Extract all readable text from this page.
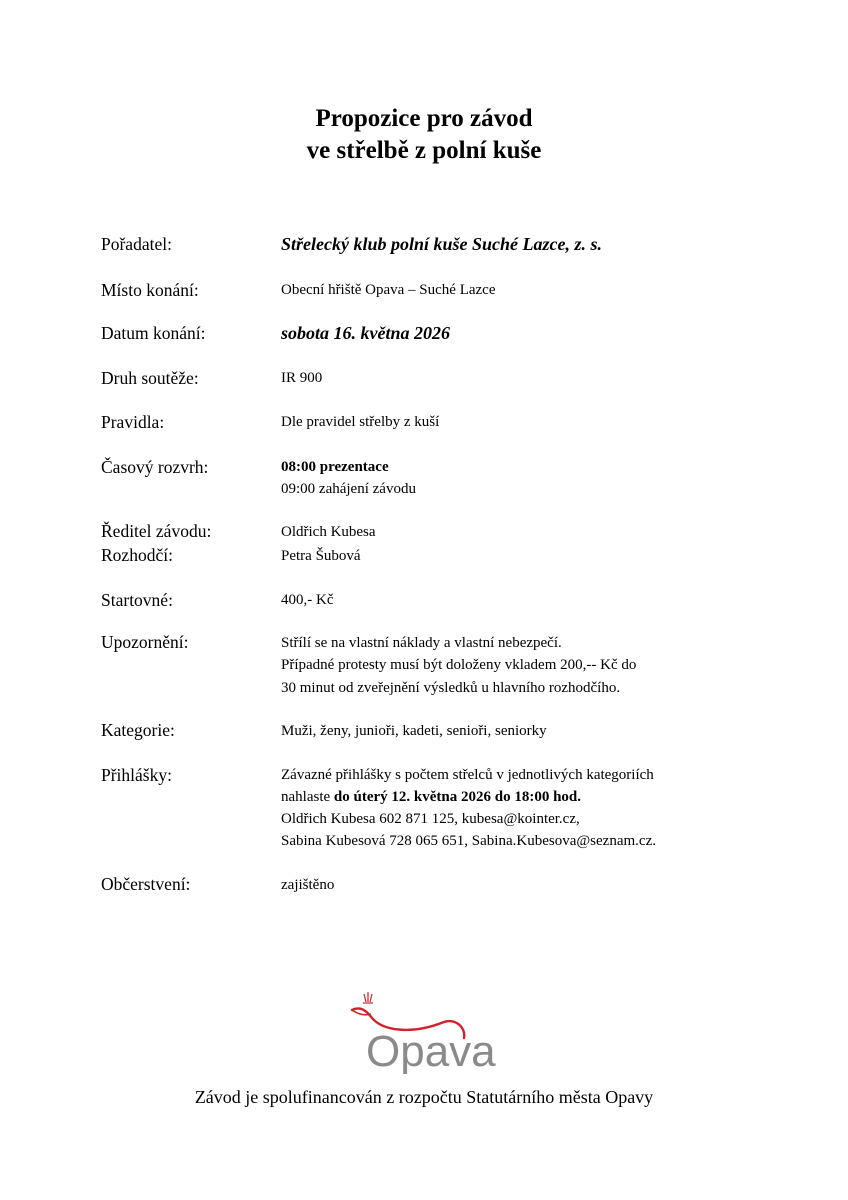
Propozice pro závod
ve střelbě z polní kuše
Pořadatel:	Střelecký klub polní kuše Suché Lazce, z. s.
Místo konání:	Obecní hřiště Opava – Suché Lazce
Datum konání:	sobota 16. května 2026
Druh soutěže:	IR 900
Pravidla:	Dle pravidel střelby z kuší
Časový rozvrh:	08:00 prezentace
09:00 zahájení závodu
Ředitel závodu:	Oldřich Kubesa
Rozhodčí:	Petra Šubová
Startovné:	400,- Kč
Upozornění:	Střílí se na vlastní náklady a vlastní nebezpečí.
Případné protesty musí být doloženy vkladem 200,-- Kč do
30 minut od zveřejnění výsledků u hlavního rozhodčího.
Kategorie:	Muži, ženy, junioři, kadeti, senioři, seniorky
Přihlášky:	Závazné přihlášky s počtem střelců v jednotlivých kategoriích
nahlaste do úterý 12. května 2026 do 18:00 hod.
Oldřich Kubesa 602 871 125, kubesa@kointer.cz,
Sabina Kubesová 728 065 651, Sabina.Kubesova@seznam.cz.
Občerstvení:	zajištěno
Opava
Závod je spolufinancován z rozpočtu Statutárního města Opavy
